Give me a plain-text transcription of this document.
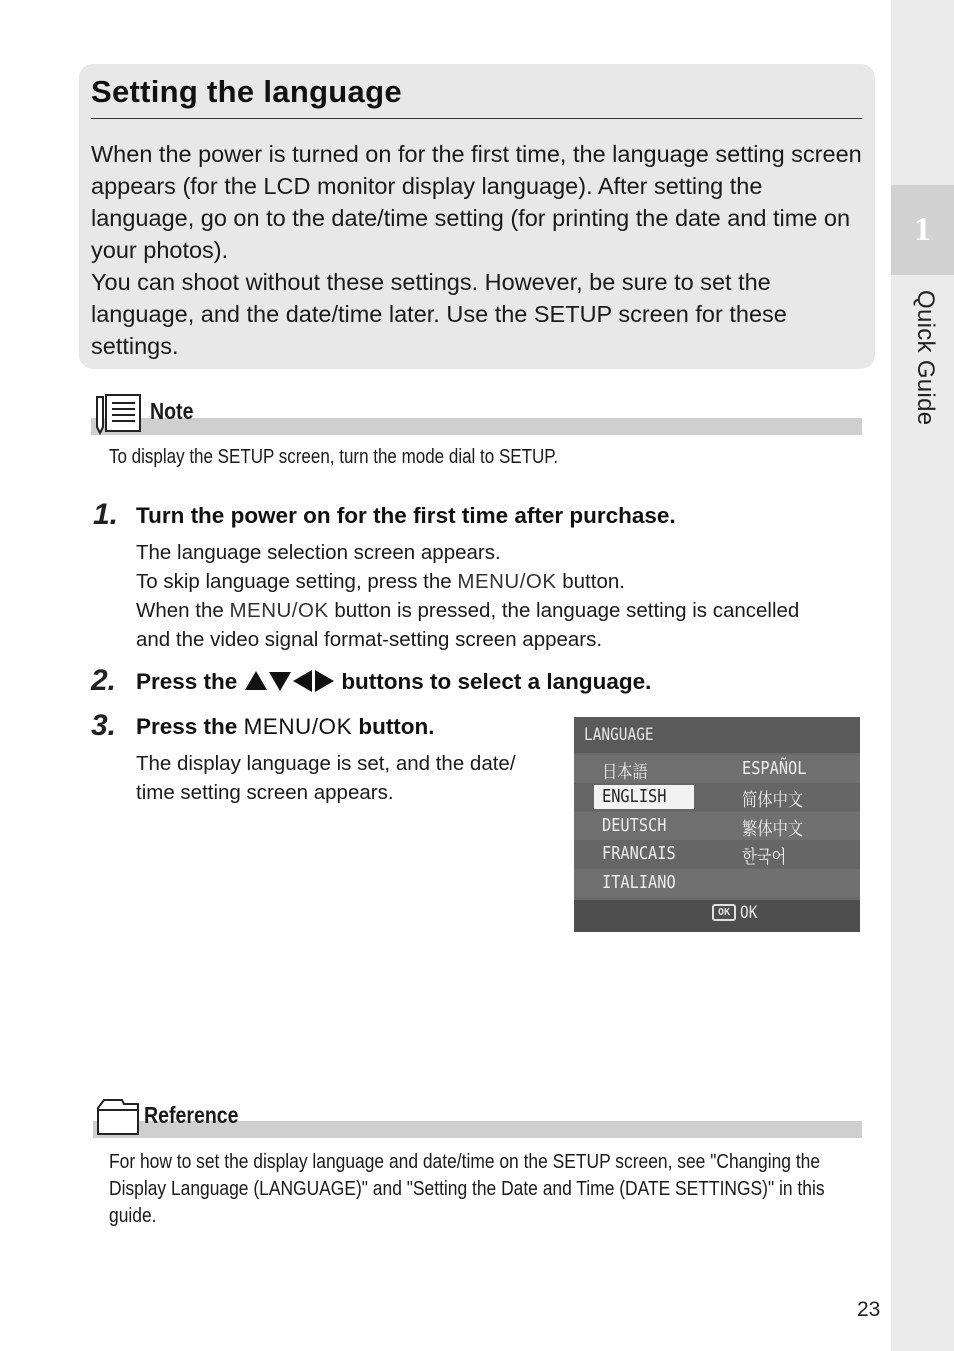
1
Quick Guide
Setting the language

When the power is turned on for the first time, the language setting screen appears (for the LCD monitor display language). After setting the language, go on to the date/time setting (for printing the date and time on your photos).

You can shoot without these settings. However, be sure to set the language, and the date/time later. Use the SETUP screen for these settings.

Note
To display the SETUP screen, turn the mode dial to SETUP.
1. Turn the power on for the first time after purchase.

The language selection screen appears.

To skip language setting, press the MENU/OK button.

When the MENU/OK button is pressed, the language setting is cancelled

and the video signal format-setting screen appears.

2. Press the	buttons to select a language.
3. Press the MENU/OK button.

The display language is set, and the date/

time setting screen appears.

LANGUAGE
日本語	ESPAÑOL
ENGLISH	简体中文
DEUTSCH	繁体中文
FRANCAIS	한국어
ITALIANO
OK OK
Reference
For how to set the display language and date/time on the SETUP screen, see "Changing the Display Language (LANGUAGE)" and "Setting the Date and Time (DATE SETTINGS)" in this guide.
23
